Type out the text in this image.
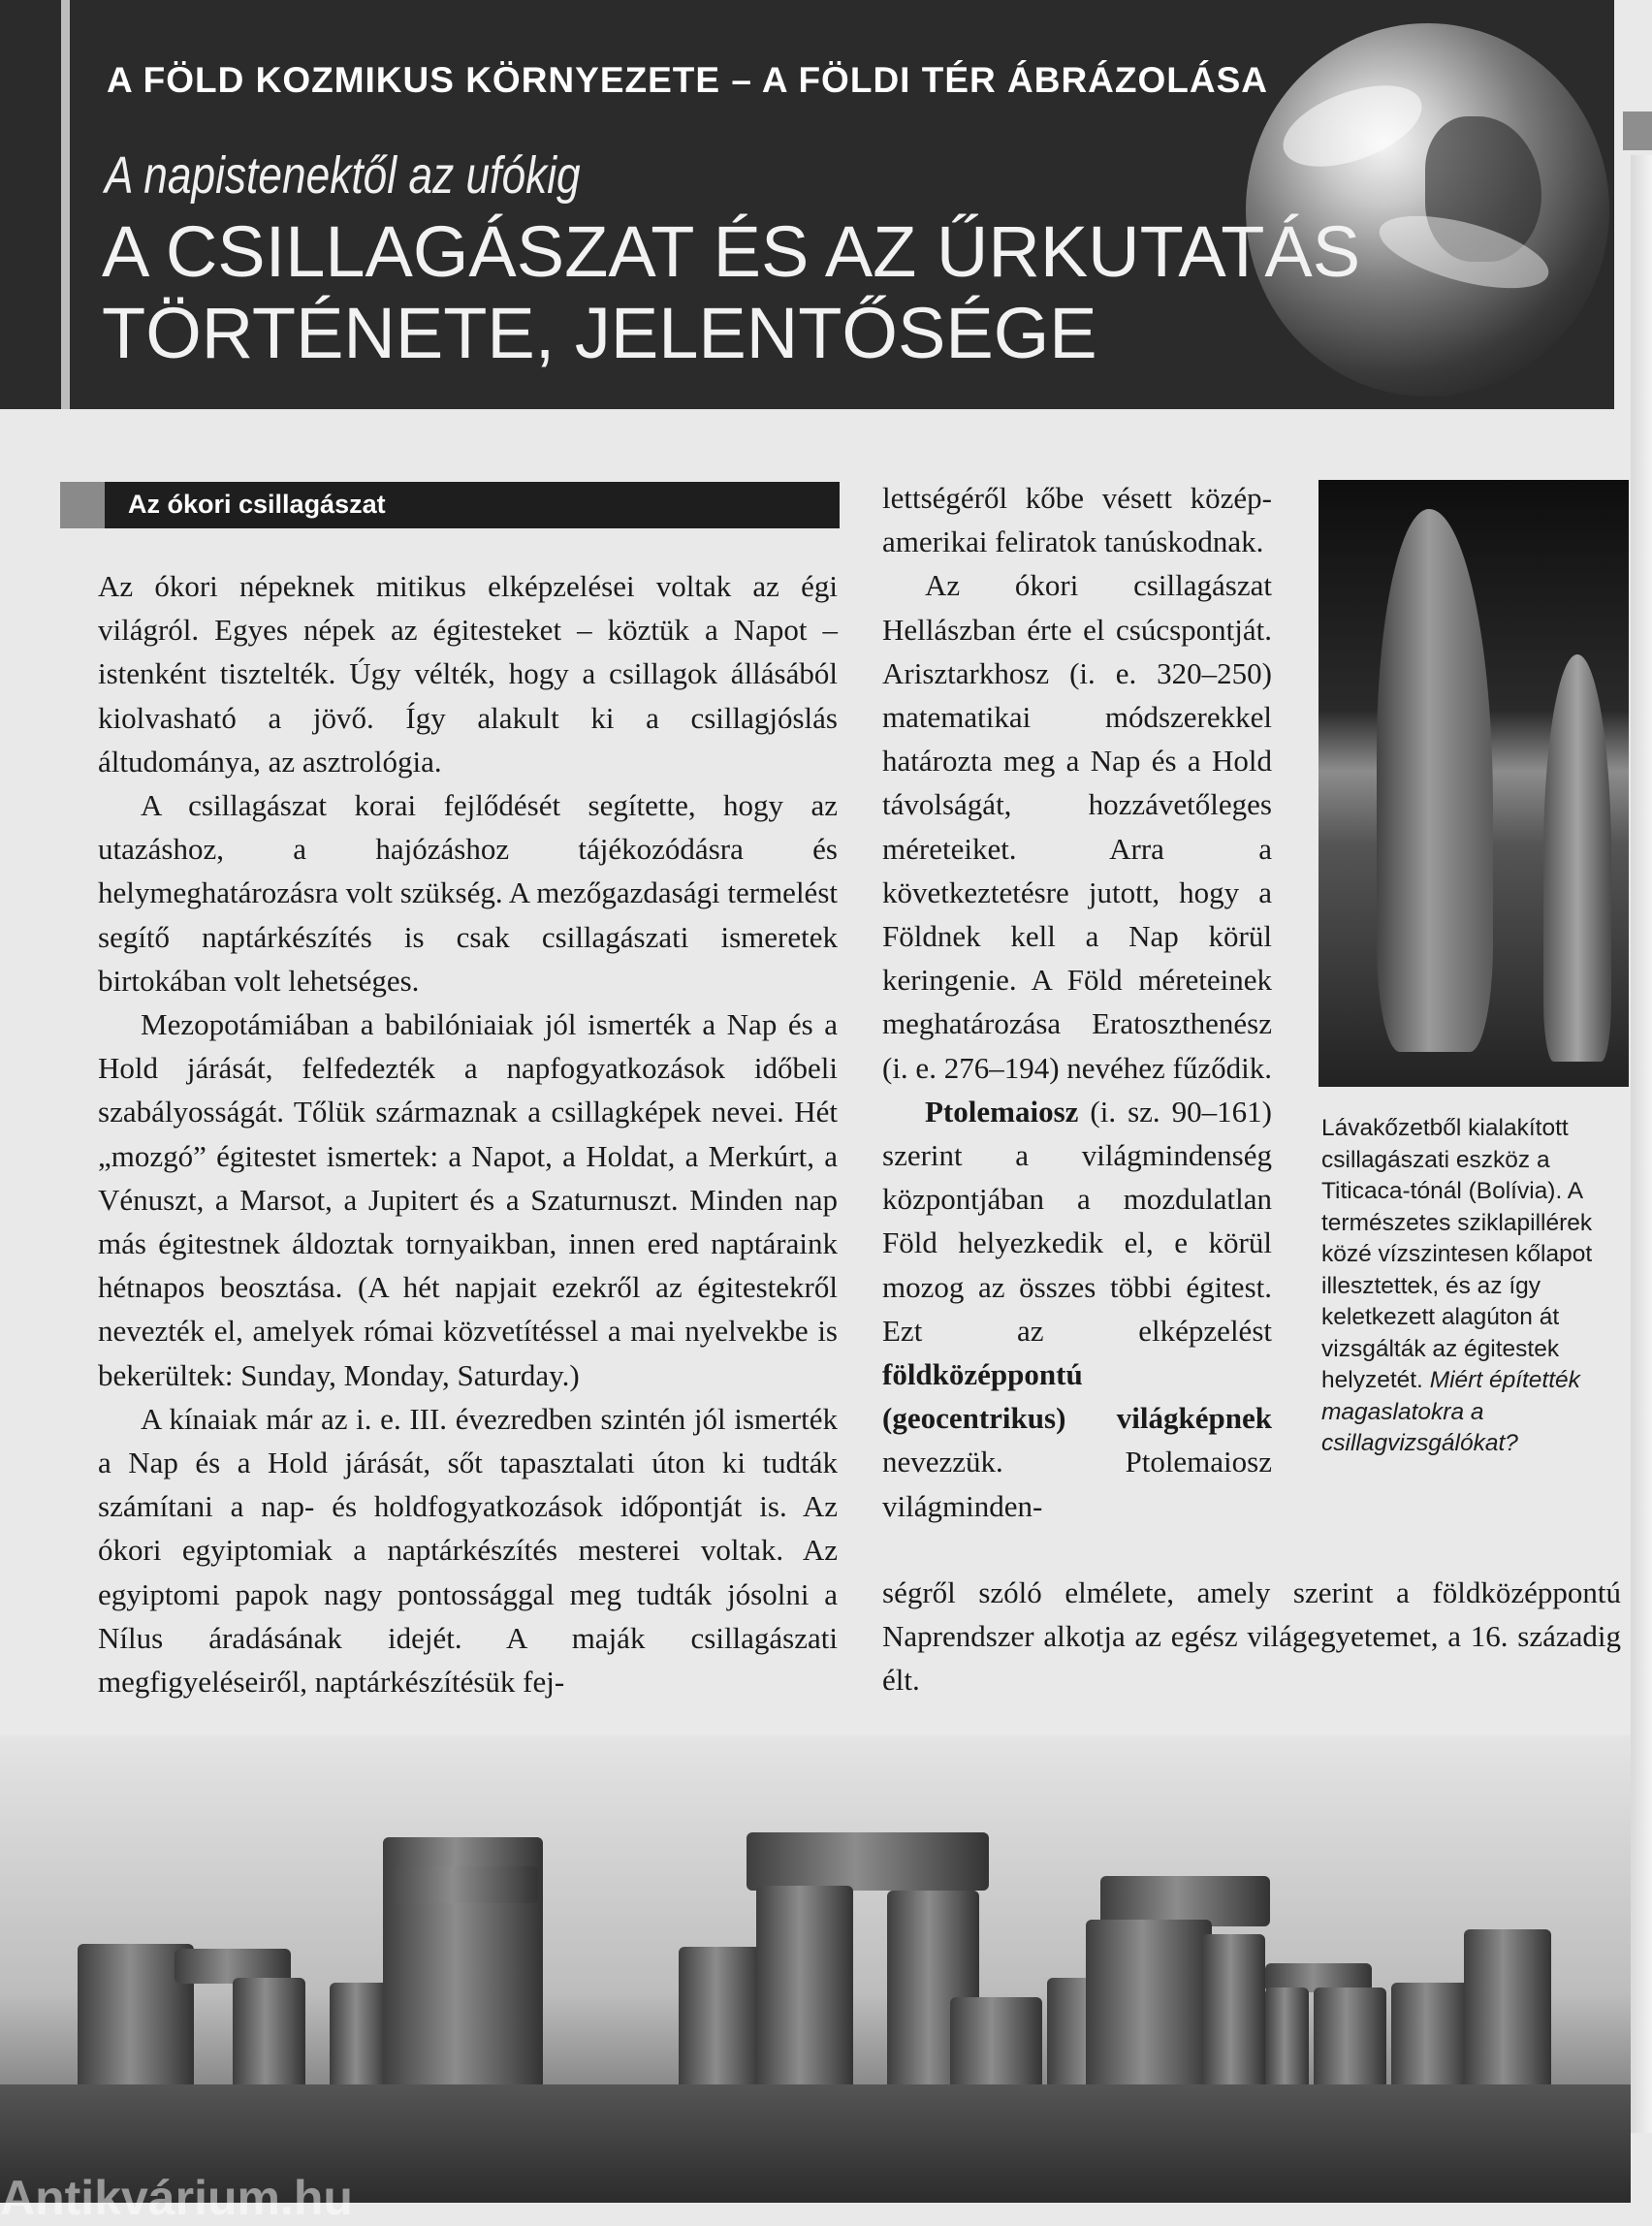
A FÖLD KOZMIKUS KÖRNYEZETE – A FÖLDI TÉR ÁBRÁZOLÁSA
A napistenektől az ufókig
A CSILLAGÁSZAT ÉS AZ ŰRKUTATÁS
TÖRTÉNETE, JELENTŐSÉGE
Az ókori csillagászat

Az ókori népeknek mitikus elképzelései voltak az égi világról. Egyes népek az égitesteket – köztük a Napot – istenként tisztelték. Úgy vélték, hogy a csillagok állásából kiolvasható a jövő. Így alakult ki a csillagjóslás áltudománya, az asztrológia.

A csillagászat korai fejlődését segítette, hogy az utazáshoz, a hajózáshoz tájékozódásra és helymeghatározásra volt szükség. A mezőgazdasági termelést segítő naptárkészítés is csak csillagászati ismeretek birtokában volt lehetséges.

Mezopotámiában a babilóniaiak jól ismerték a Nap és a Hold járását, felfedezték a napfogyatkozások időbeli szabályosságát. Tőlük származnak a csillagképek nevei. Hét „mozgó” égitestet ismertek: a Napot, a Holdat, a Merkúrt, a Vénuszt, a Marsot, a Jupitert és a Szaturnuszt. Minden nap más égitestnek áldoztak tornyaikban, innen ered naptáraink hétnapos beosztása. (A hét napjait ezekről az égitestekről nevezték el, amelyek római közvetítéssel a mai nyelvekbe is bekerültek: Sunday, Monday, Saturday.)

A kínaiak már az i. e. III. évezredben szintén jól ismerték a Nap és a Hold járását, sőt tapasztalati úton ki tudták számítani a nap- és holdfogyatkozások időpontját is. Az ókori egyiptomiak a naptárkészítés mesterei voltak. Az egyiptomi papok nagy pontossággal meg tudták jósolni a Nílus áradásának idejét. A maják csillagászati megfigyeléseiről, naptárkészítésük fej-

lettségéről kőbe vésett közép-amerikai feliratok tanúskodnak.

Az ókori csillagászat Hellászban érte el csúcspontját. Arisztarkhosz (i. e. 320–250) matematikai módszerekkel határozta meg a Nap és a Hold távolságát, hozzávetőleges méreteiket. Arra a következtetésre jutott, hogy a Földnek kell a Nap körül keringenie. A Föld méreteinek meghatározása Eratoszthenész (i. e. 276–194) nevéhez fűződik.

Ptolemaiosz (i. sz. 90–161) szerint a világmindenség központjában a mozdulatlan Föld helyezkedik el, e körül mozog az összes többi égitest. Ezt az elképzelést földközéppontú (geocentrikus) világképnek nevezzük. Ptolemaiosz világminden-

ségről szóló elmélete, amely szerint a földközéppontú Naprendszer alkotja az egész világegyetemet, a 16. századig élt.
Lávakőzetből kialakított csillagászati eszköz a Titicaca-tónál (Bolívia). A természetes sziklapillérek közé vízszintesen kőlapot illesztettek, és az így keletkezett alagúton át vizsgálták az égitestek helyzetét. Miért építették magaslatokra a csillagvizsgálókat?
Antikvárium.hu
